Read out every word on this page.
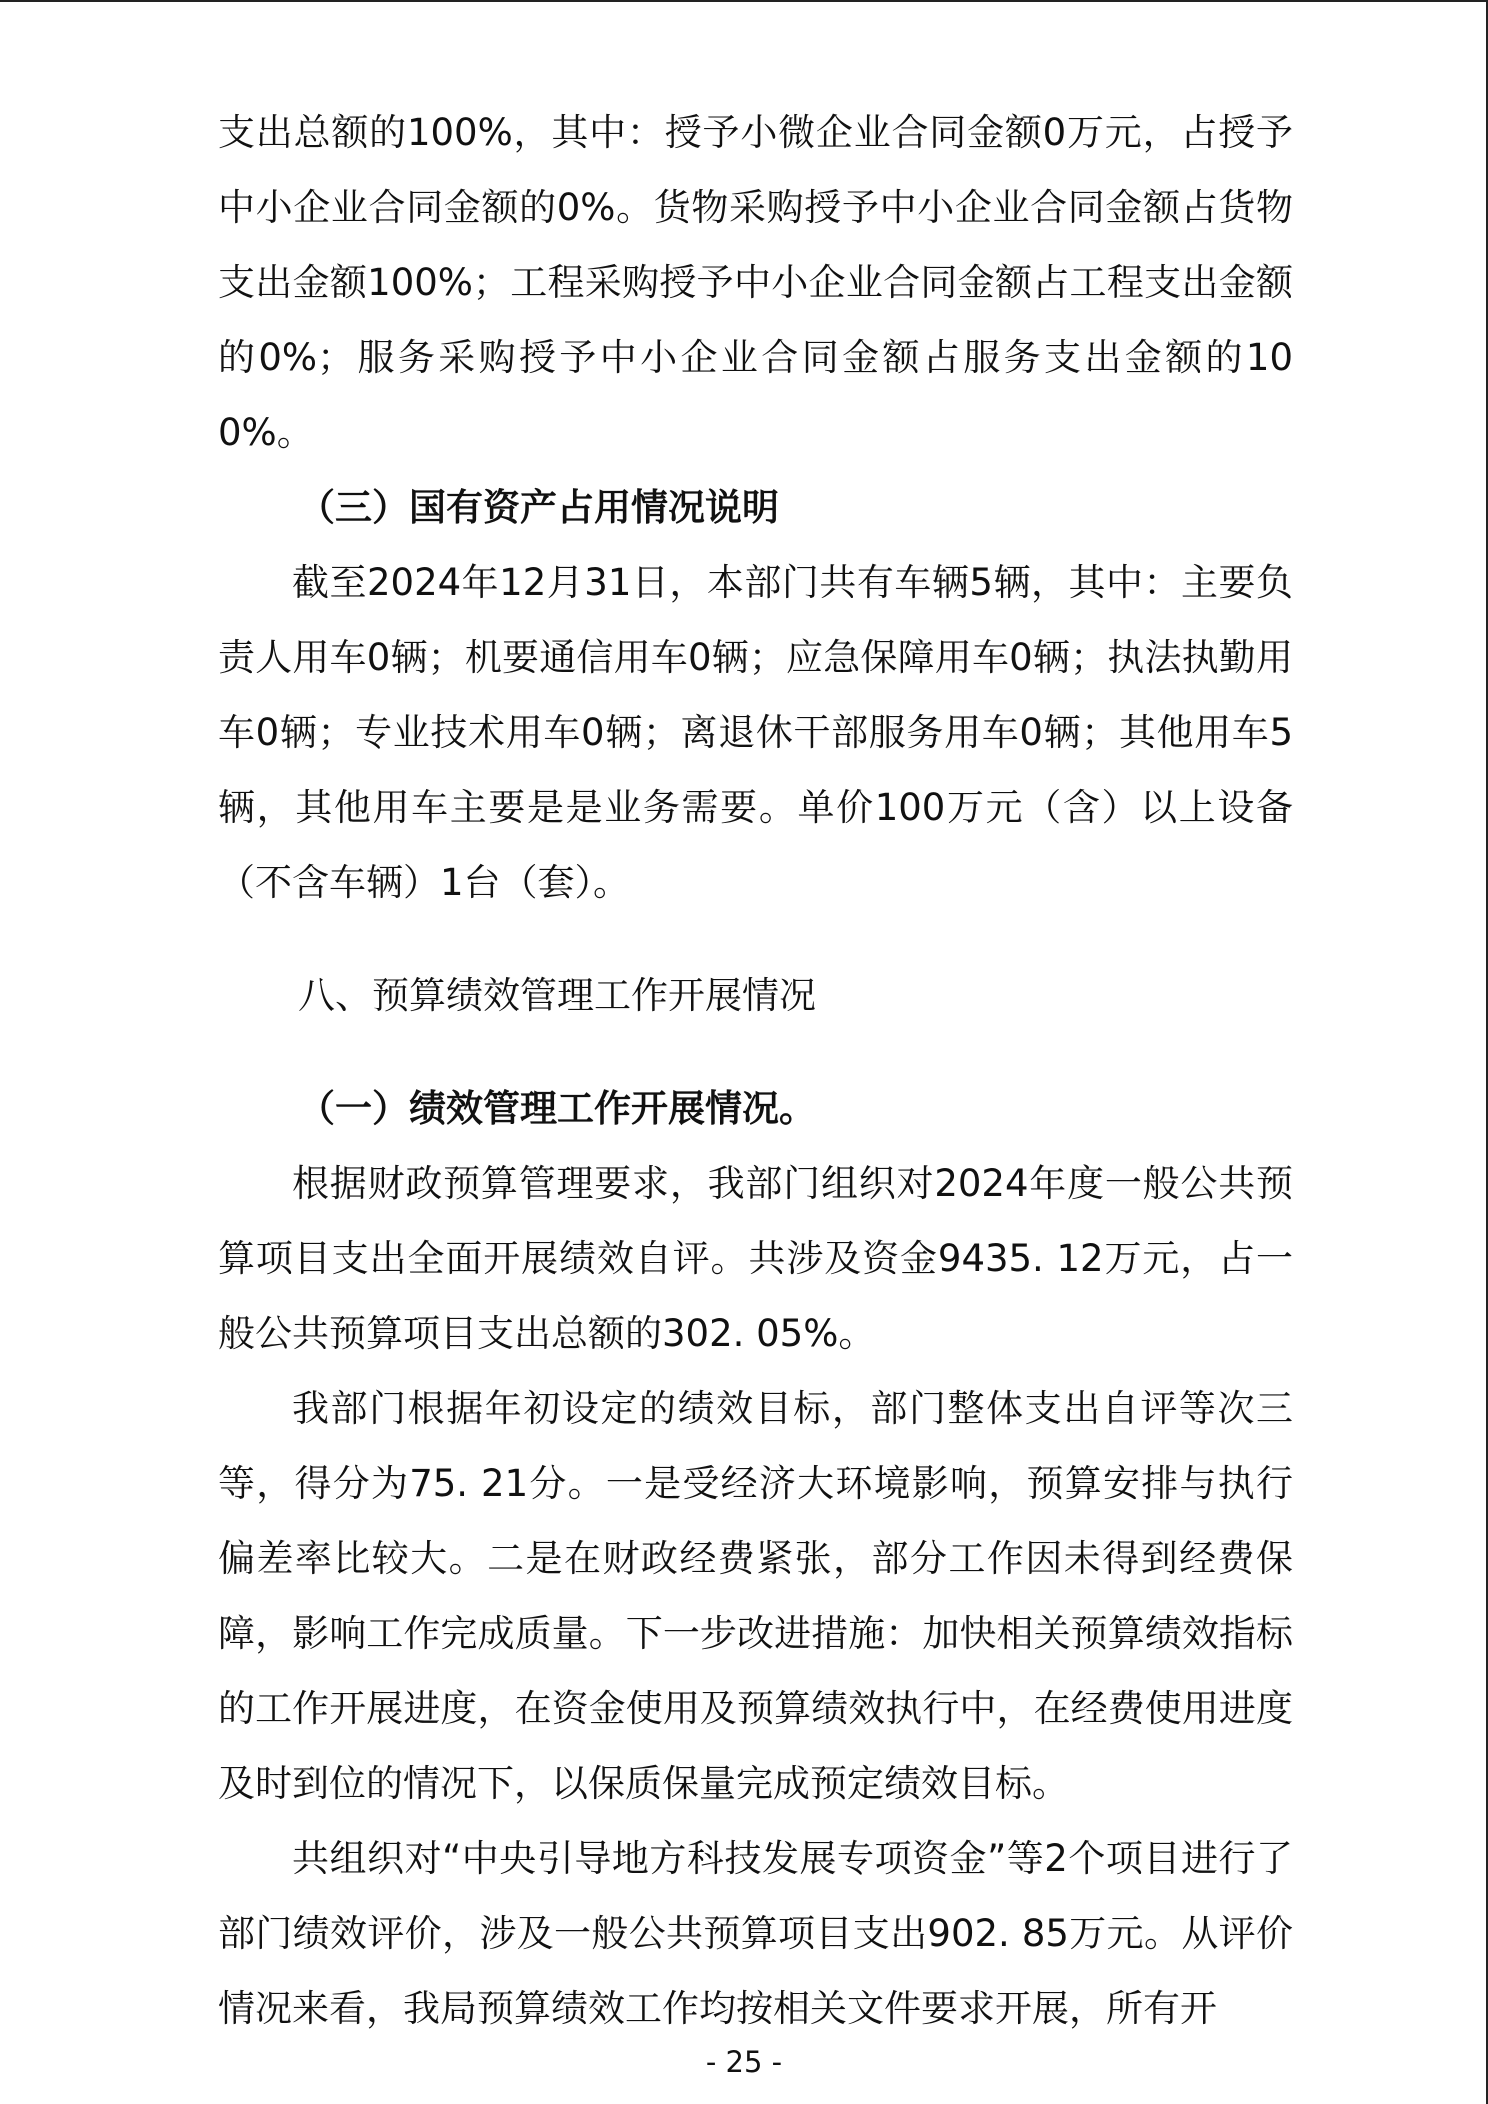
支出总额的100%，其中：授予小微企业合同金额0万元，占授予中小企业合同金额的0%。货物采购授予中小企业合同金额占货物支出金额100%；工程采购授予中小企业合同金额占工程支出金额的0%；服务采购授予中小企业合同金额占服务支出金额的100%。

（三）国有资产占用情况说明

截至2024年12月31日，本部门共有车辆5辆，其中：主要负责人用车0辆；机要通信用车0辆；应急保障用车0辆；执法执勤用车0辆；专业技术用车0辆；离退休干部服务用车0辆；其他用车5辆，其他用车主要是是业务需要。单价100万元（含）以上设备（不含车辆）1台（套）。

八、预算绩效管理工作开展情况

（一）绩效管理工作开展情况。

根据财政预算管理要求，我部门组织对2024年度一般公共预算项目支出全面开展绩效自评。共涉及资金9435. 12万元，占一般公共预算项目支出总额的302. 05%。

我部门根据年初设定的绩效目标，部门整体支出自评等次三等，得分为75. 21分。一是受经济大环境影响，预算安排与执行偏差率比较大。二是在财政经费紧张，部分工作因未得到经费保障，影响工作完成质量。下一步改进措施：加快相关预算绩效指标的工作开展进度，在资金使用及预算绩效执行中，在经费使用进度及时到位的情况下，以保质保量完成预定绩效目标。

共组织对“中央引导地方科技发展专项资金”等2个项目进行了部门绩效评价，涉及一般公共预算项目支出902. 85万元。从评价情况来看，我局预算绩效工作均按相关文件要求开展，所有开

- 25 -
